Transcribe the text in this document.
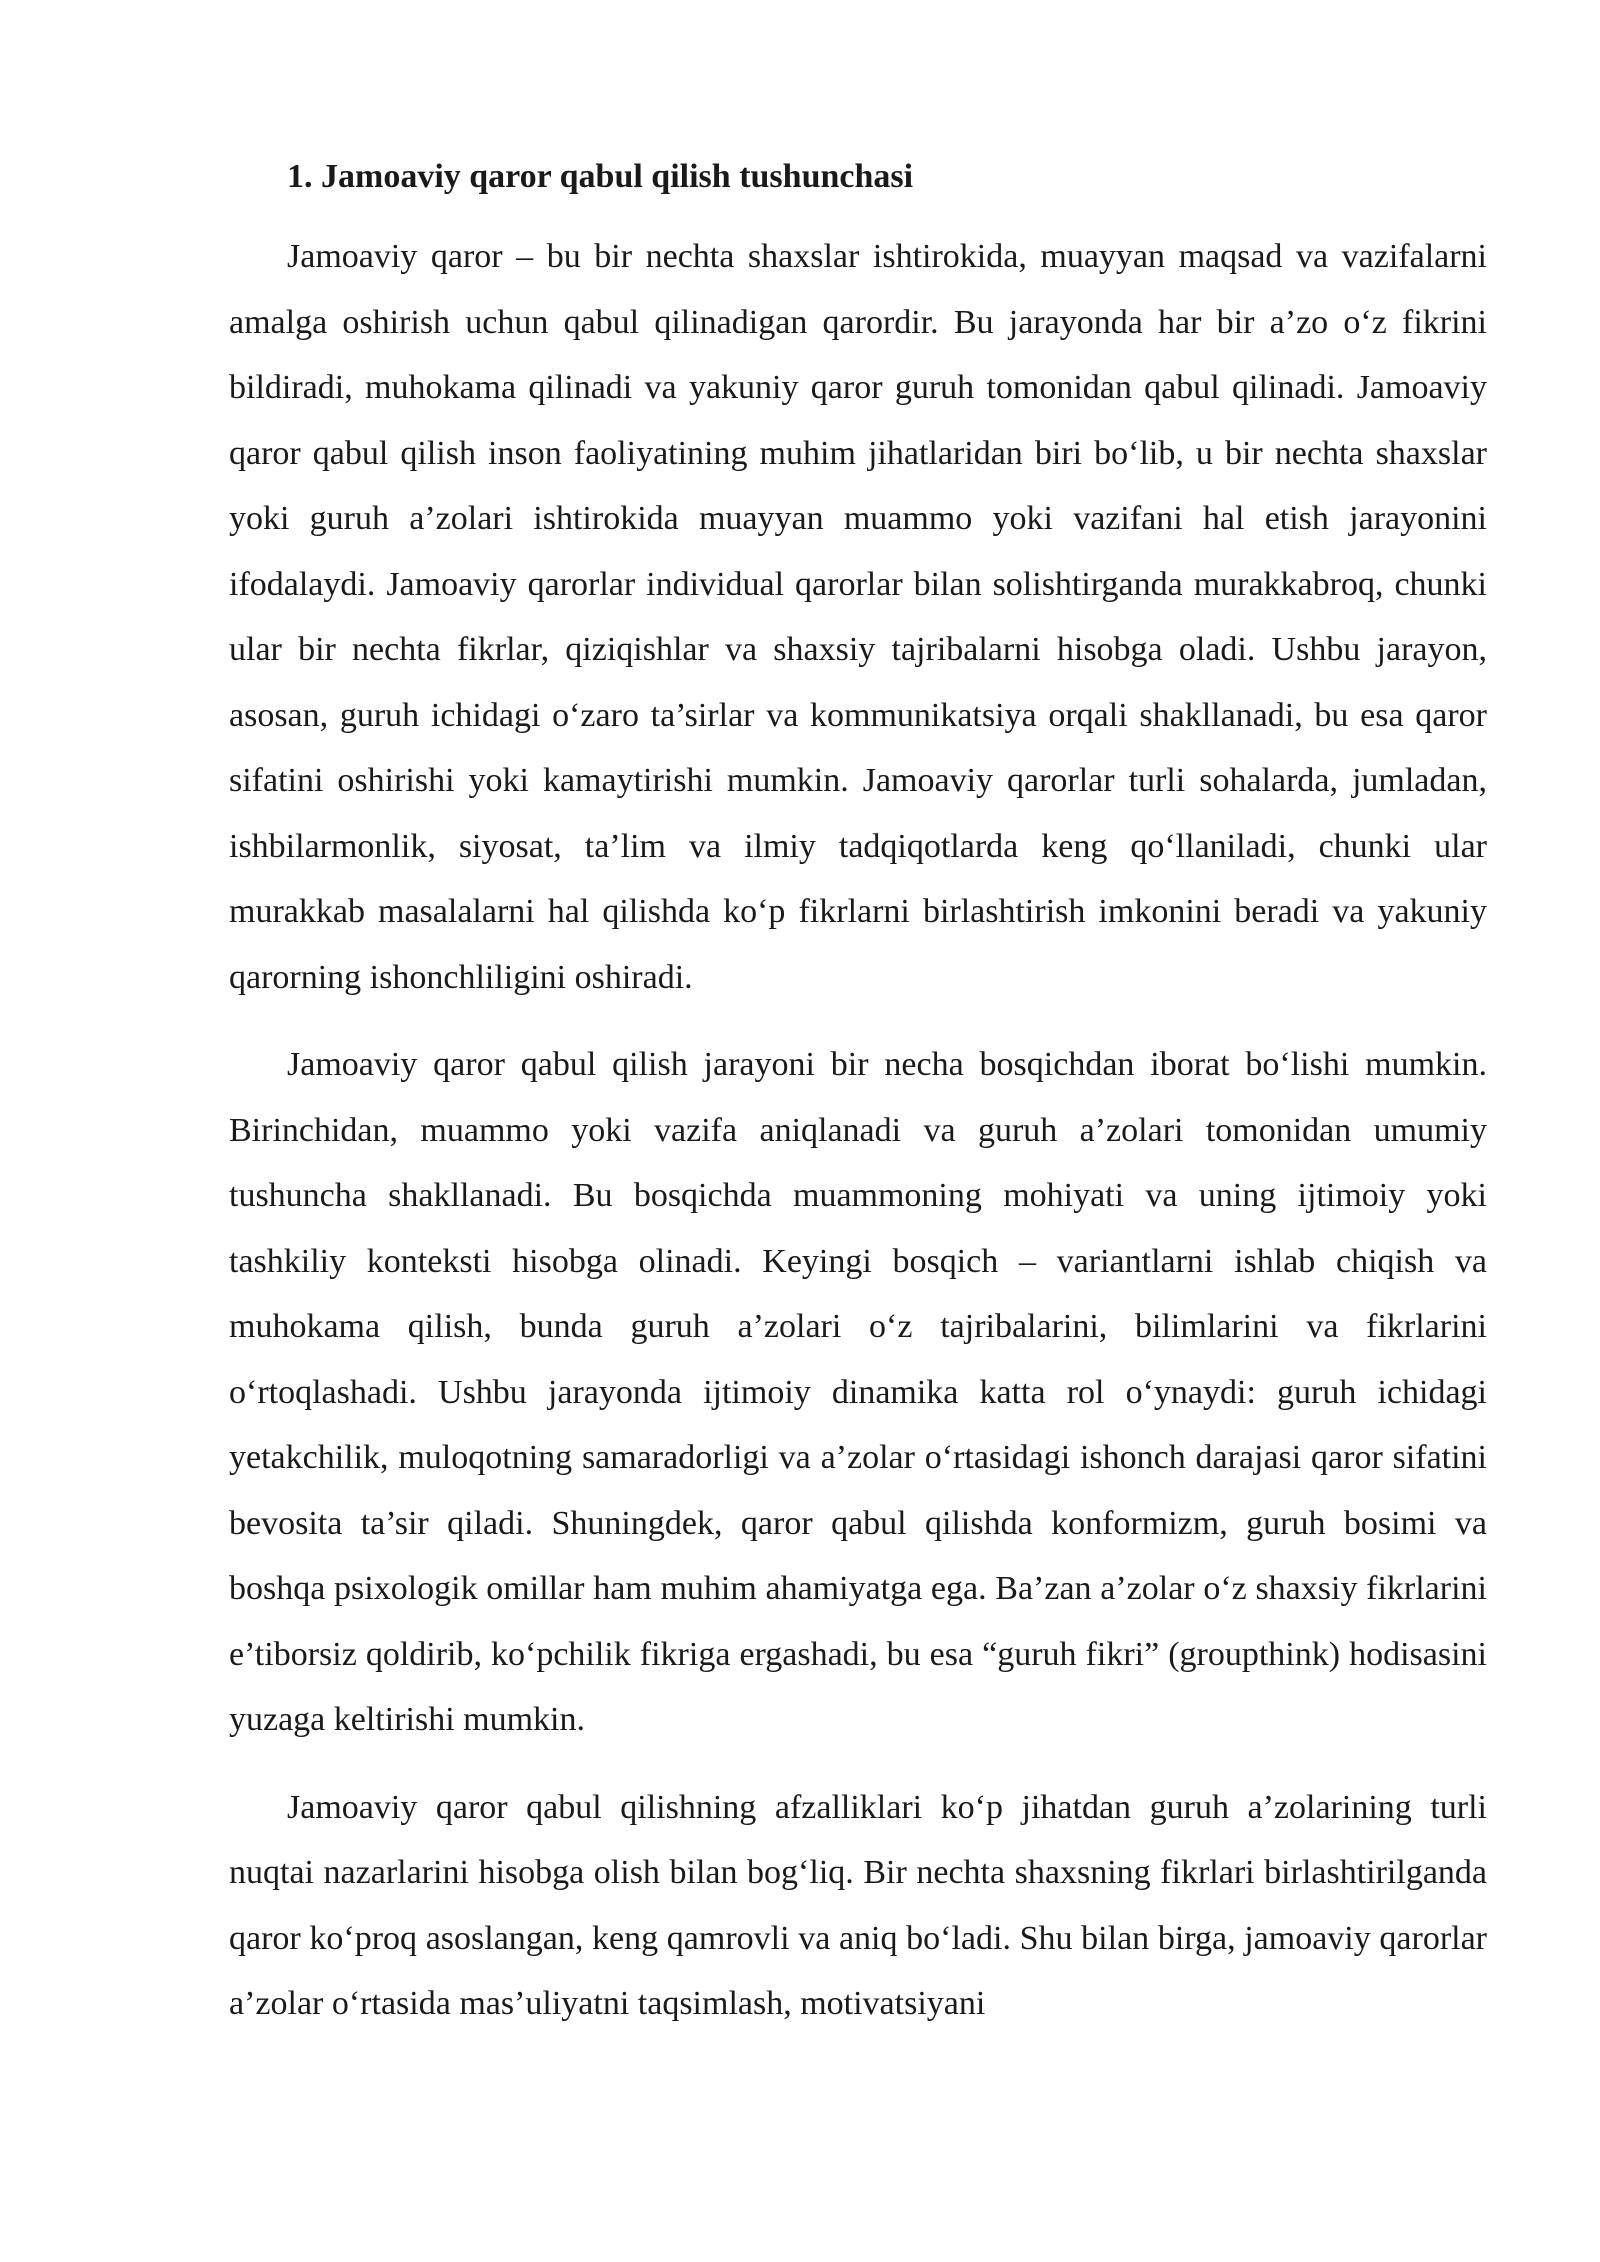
1. Jamoaviy qaror qabul qilish tushunchasi

Jamoaviy qaror – bu bir nechta shaxslar ishtirokida, muayyan maqsad va vazifalarni amalga oshirish uchun qabul qilinadigan qarordir. Bu jarayonda har bir a’zo o‘z fikrini bildiradi, muhokama qilinadi va yakuniy qaror guruh tomonidan qabul qilinadi. Jamoaviy qaror qabul qilish inson faoliyatining muhim jihatlaridan biri bo‘lib, u bir nechta shaxslar yoki guruh a’zolari ishtirokida muayyan muammo yoki vazifani hal etish jarayonini ifodalaydi. Jamoaviy qarorlar individual qarorlar bilan solishtirganda murakkabroq, chunki ular bir nechta fikrlar, qiziqishlar va shaxsiy tajribalarni hisobga oladi. Ushbu jarayon, asosan, guruh ichidagi o‘zaro ta’sirlar va kommunikatsiya orqali shakllanadi, bu esa qaror sifatini oshirishi yoki kamaytirishi mumkin. Jamoaviy qarorlar turli sohalarda, jumladan, ishbilarmonlik, siyosat, ta’lim va ilmiy tadqiqotlarda keng qo‘llaniladi, chunki ular murakkab masalalarni hal qilishda ko‘p fikrlarni birlashtirish imkonini beradi va yakuniy qarorning ishonchliligini oshiradi.

Jamoaviy qaror qabul qilish jarayoni bir necha bosqichdan iborat bo‘lishi mumkin. Birinchidan, muammo yoki vazifa aniqlanadi va guruh a’zolari tomonidan umumiy tushuncha shakllanadi. Bu bosqichda muammoning mohiyati va uning ijtimoiy yoki tashkiliy konteksti hisobga olinadi. Keyingi bosqich – variantlarni ishlab chiqish va muhokama qilish, bunda guruh a’zolari o‘z tajribalarini, bilimlarini va fikrlarini o‘rtoqlashadi. Ushbu jarayonda ijtimoiy dinamika katta rol o‘ynaydi: guruh ichidagi yetakchilik, muloqotning samaradorligi va a’zolar o‘rtasidagi ishonch darajasi qaror sifatini bevosita ta’sir qiladi. Shuningdek, qaror qabul qilishda konformizm, guruh bosimi va boshqa psixologik omillar ham muhim ahamiyatga ega. Ba’zan a’zolar o‘z shaxsiy fikrlarini e’tiborsiz qoldirib, ko‘pchilik fikriga ergashadi, bu esa “guruh fikri” (groupthink) hodisasini yuzaga keltirishi mumkin.

Jamoaviy qaror qabul qilishning afzalliklari ko‘p jihatdan guruh a’zolarining turli nuqtai nazarlarini hisobga olish bilan bog‘liq. Bir nechta shaxsning fikrlari birlashtirilganda qaror ko‘proq asoslangan, keng qamrovli va aniq bo‘ladi. Shu bilan birga, jamoaviy qarorlar a’zolar o‘rtasida mas’uliyatni taqsimlash, motivatsiyani
